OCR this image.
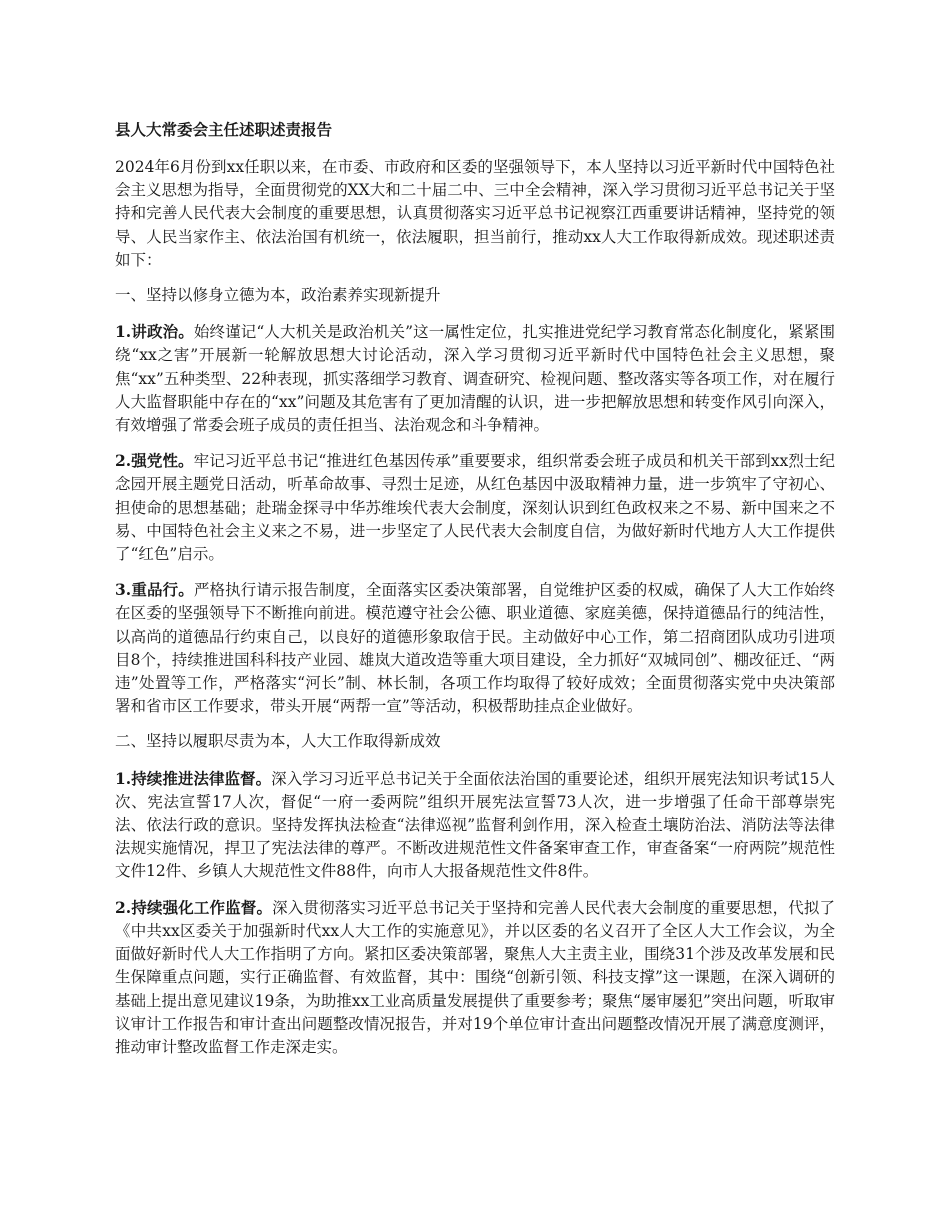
县人大常委会主任述职述责报告

2024年6月份到xx任职以来，在市委、市政府和区委的坚强领导下，本人坚持以习近平新时代中国特色社会主义思想为指导，全面贯彻党的XX大和二十届二中、三中全会精神，深入学习贯彻习近平总书记关于坚持和完善人民代表大会制度的重要思想，认真贯彻落实习近平总书记视察江西重要讲话精神，坚持党的领导、人民当家作主、依法治国有机统一，依法履职，担当前行，推动xx人大工作取得新成效。现述职述责如下：

一、坚持以修身立德为本，政治素养实现新提升

1.讲政治。始终谨记“人大机关是政治机关”这一属性定位，扎实推进党纪学习教育常态化制度化，紧紧围绕“xx之害”开展新一轮解放思想大讨论活动，深入学习贯彻习近平新时代中国特色社会主义思想，聚焦“xx”五种类型、22种表现，抓实落细学习教育、调查研究、检视问题、整改落实等各项工作，对在履行人大监督职能中存在的“xx”问题及其危害有了更加清醒的认识，进一步把解放思想和转变作风引向深入，有效增强了常委会班子成员的责任担当、法治观念和斗争精神。

2.强党性。牢记习近平总书记“推进红色基因传承”重要要求，组织常委会班子成员和机关干部到xx烈士纪念园开展主题党日活动，听革命故事、寻烈士足迹，从红色基因中汲取精神力量，进一步筑牢了守初心、担使命的思想基础；赴瑞金探寻中华苏维埃代表大会制度，深刻认识到红色政权来之不易、新中国来之不易、中国特色社会主义来之不易，进一步坚定了人民代表大会制度自信，为做好新时代地方人大工作提供了“红色”启示。

3.重品行。严格执行请示报告制度，全面落实区委决策部署，自觉维护区委的权威，确保了人大工作始终在区委的坚强领导下不断推向前进。模范遵守社会公德、职业道德、家庭美德，保持道德品行的纯洁性，以高尚的道德品行约束自己，以良好的道德形象取信于民。主动做好中心工作，第二招商团队成功引进项目8个，持续推进国科科技产业园、雄岚大道改造等重大项目建设，全力抓好“双城同创”、棚改征迁、“两违”处置等工作，严格落实“河长”制、林长制，各项工作均取得了较好成效；全面贯彻落实党中央决策部署和省市区工作要求，带头开展“两帮一宣”等活动，积极帮助挂点企业做好。

二、坚持以履职尽责为本，人大工作取得新成效

1.持续推进法律监督。深入学习习近平总书记关于全面依法治国的重要论述，组织开展宪法知识考试15人次、宪法宣誓17人次，督促“一府一委两院”组织开展宪法宣誓73人次，进一步增强了任命干部尊崇宪法、依法行政的意识。坚持发挥执法检查“法律巡视”监督利剑作用，深入检查土壤防治法、消防法等法律法规实施情况，捍卫了宪法法律的尊严。不断改进规范性文件备案审查工作，审查备案“一府两院”规范性文件12件、乡镇人大规范性文件88件，向市人大报备规范性文件8件。

2.持续强化工作监督。深入贯彻落实习近平总书记关于坚持和完善人民代表大会制度的重要思想，代拟了《中共xx区委关于加强新时代xx人大工作的实施意见》，并以区委的名义召开了全区人大工作会议，为全面做好新时代人大工作指明了方向。紧扣区委决策部署，聚焦人大主责主业，围绕31个涉及改革发展和民生保障重点问题，实行正确监督、有效监督，其中：围绕“创新引领、科技支撑”这一课题，在深入调研的基础上提出意见建议19条，为助推xx工业高质量发展提供了重要参考；聚焦“屡审屡犯”突出问题，听取审议审计工作报告和审计查出问题整改情况报告，并对19个单位审计查出问题整改情况开展了满意度测评，推动审计整改监督工作走深走实。
